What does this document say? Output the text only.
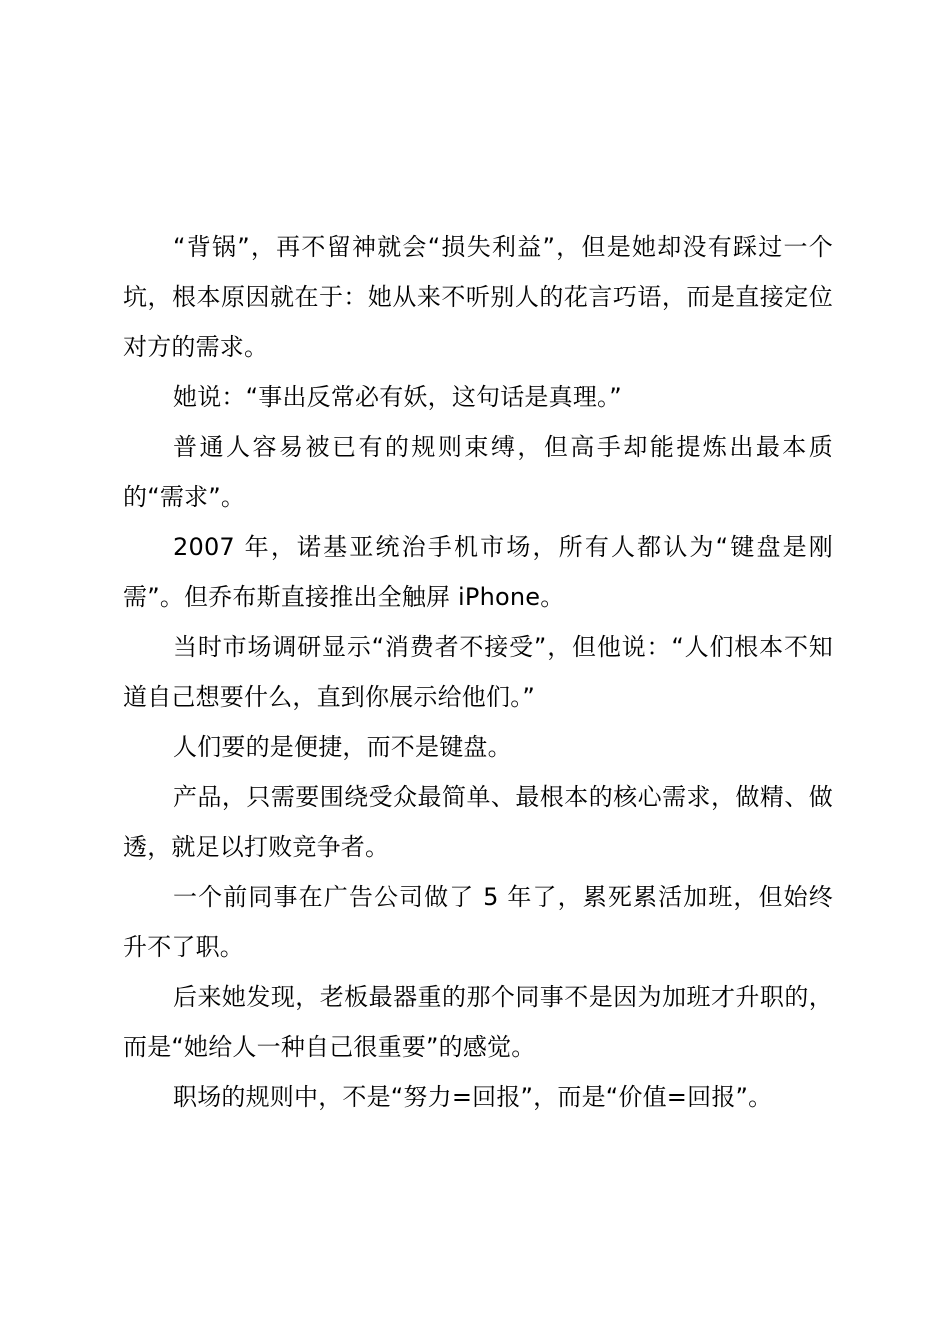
“背锅”，再不留神就会“损失利益”，但是她却没有踩过一个坑，根本原因就在于：她从来不听别人的花言巧语，而是直接定位对方的需求。

她说：“事出反常必有妖，这句话是真理。”

普通人容易被已有的规则束缚，但高手却能提炼出最本质的“需求”。

2007 年，诺基亚统治手机市场，所有人都认为“键盘是刚需”。但乔布斯直接推出全触屏 iPhone。

当时市场调研显示“消费者不接受”，但他说：“人们根本不知道自己想要什么，直到你展示给他们。”

人们要的是便捷，而不是键盘。

产品，只需要围绕受众最简单、最根本的核心需求，做精、做透，就足以打败竞争者。

一个前同事在广告公司做了 5 年了，累死累活加班，但始终升不了职。

后来她发现，老板最器重的那个同事不是因为加班才升职的，而是“她给人一种自己很重要”的感觉。

职场的规则中，不是“努力=回报”，而是“价值=回报”。
